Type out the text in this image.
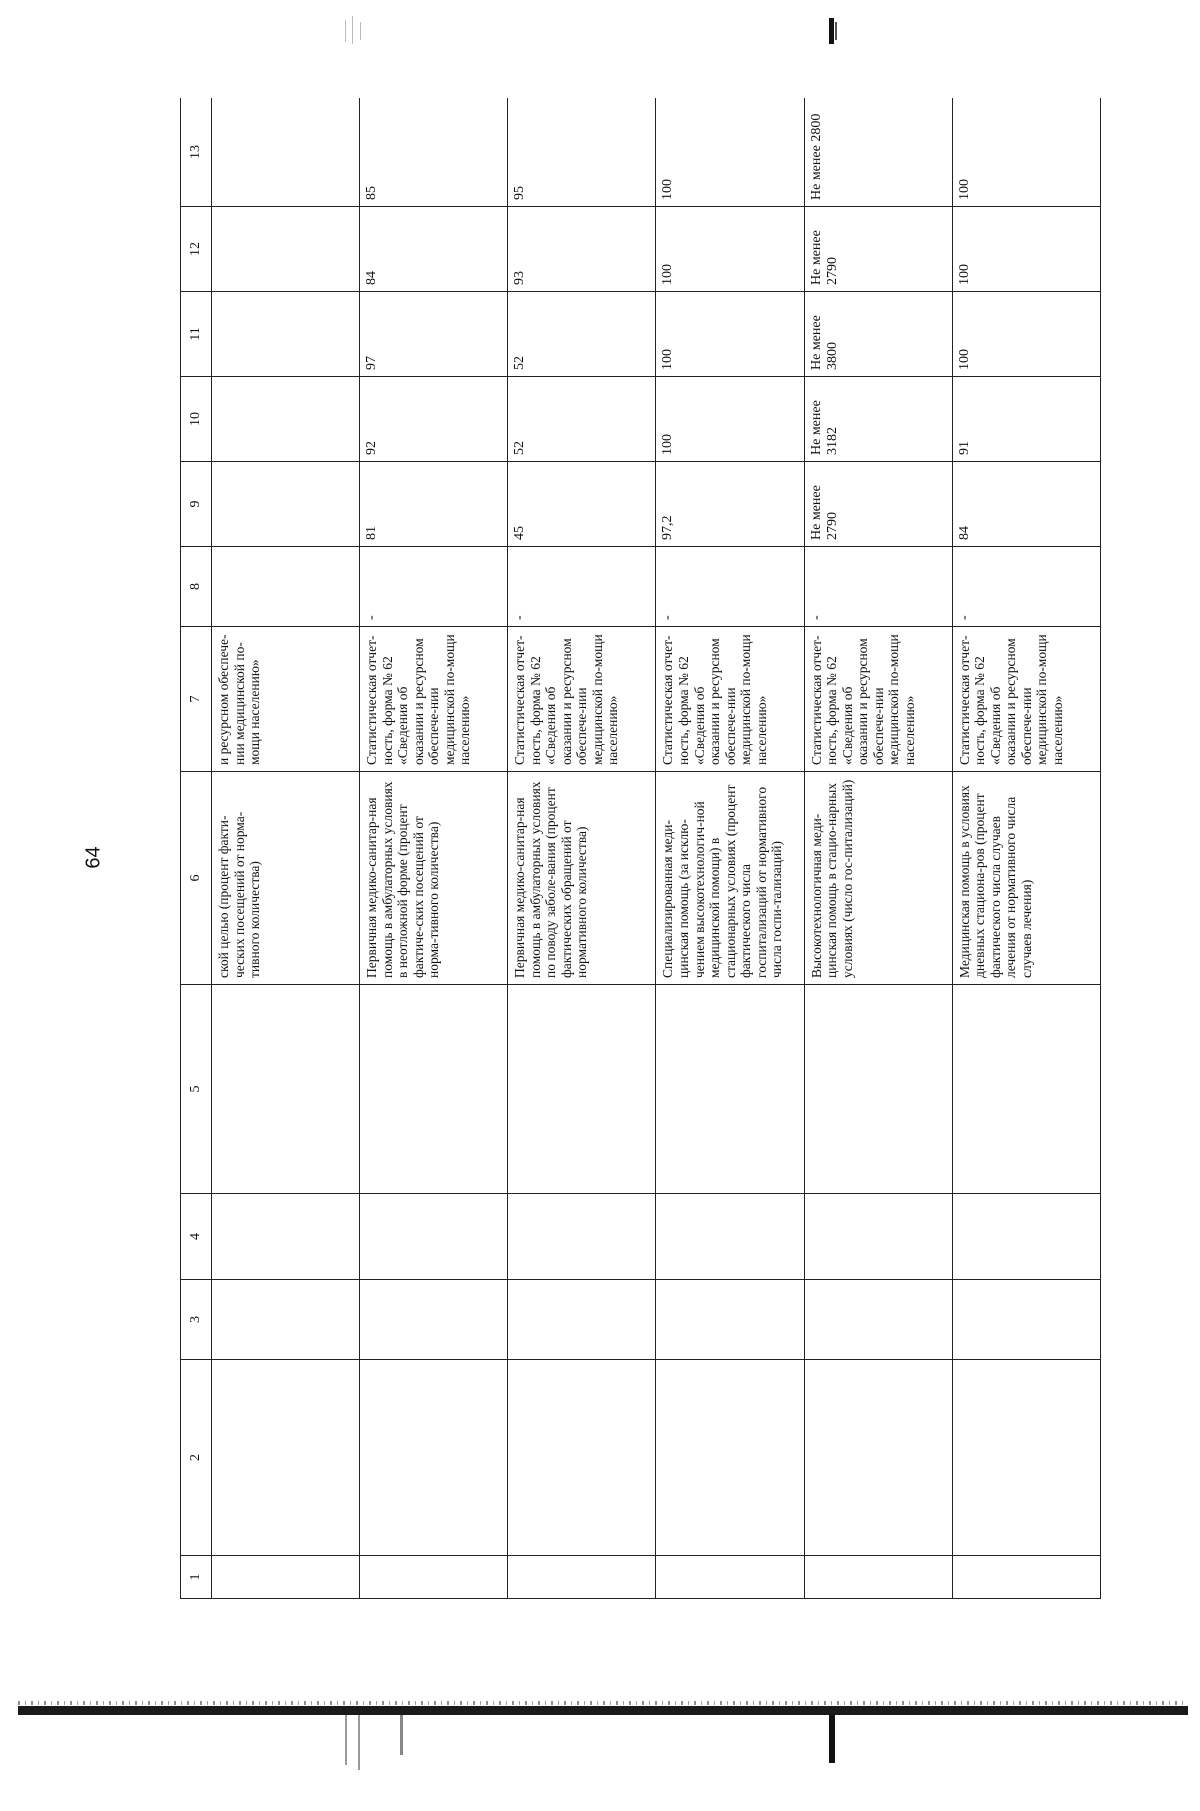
64
1	2	3	4	5	6	7	8	9	10	11	12	13
					ской целью (процент факти-ческих посещений от норма-тивного количества)	и ресурсном обеспече-нии медицинской по-мощи населению»						
					Первичная медико-санитар-ная помощь в амбулаторных условиях в неотложной форме (процент фактиче-ских посещений от норма-тивного количества)	Статистическая отчет-ность, форма № 62 «Сведения об оказании и ресурсном обеспече-нии медицинской по-мощи населению»	-	81	92	97	84	85
					Первичная медико-санитар-ная помощь в амбулаторных условиях по поводу заболе-вания (процент фактических обращений от нормативного количества)	Статистическая отчет-ность, форма № 62 «Сведения об оказании и ресурсном обеспече-нии медицинской по-мощи населению»	-	45	52	52	93	95
					Специализированная меди-цинская помощь (за исклю-чением высокотехнологич-ной медицинской помощи) в стационарных условиях (процент фактического числа госпитализаций от нормативного числа госпи-тализаций)	Статистическая отчет-ность, форма № 62 «Сведения об оказании и ресурсном обеспече-нии медицинской по-мощи населению»	-	97,2	100	100	100	100
					Высокотехнологичная меди-цинская помощь в стацио-нарных условиях (число гос-питализаций)	Статистическая отчет-ность, форма № 62 «Сведения об оказании и ресурсном обеспече-нии медицинской по-мощи населению»	-	Не менее 2790	Не менее 3182	Не менее 3800	Не менее 2790	Не менее 2800
					Медицинская помощь в условиях дневных стациона-ров (процент фактического числа случаев лечения от нормативного числа случаев лечения)	Статистическая отчет-ность, форма № 62 «Сведения об оказании и ресурсном обеспече-нии медицинской по-мощи населению»	-	84	91	100	100	100
